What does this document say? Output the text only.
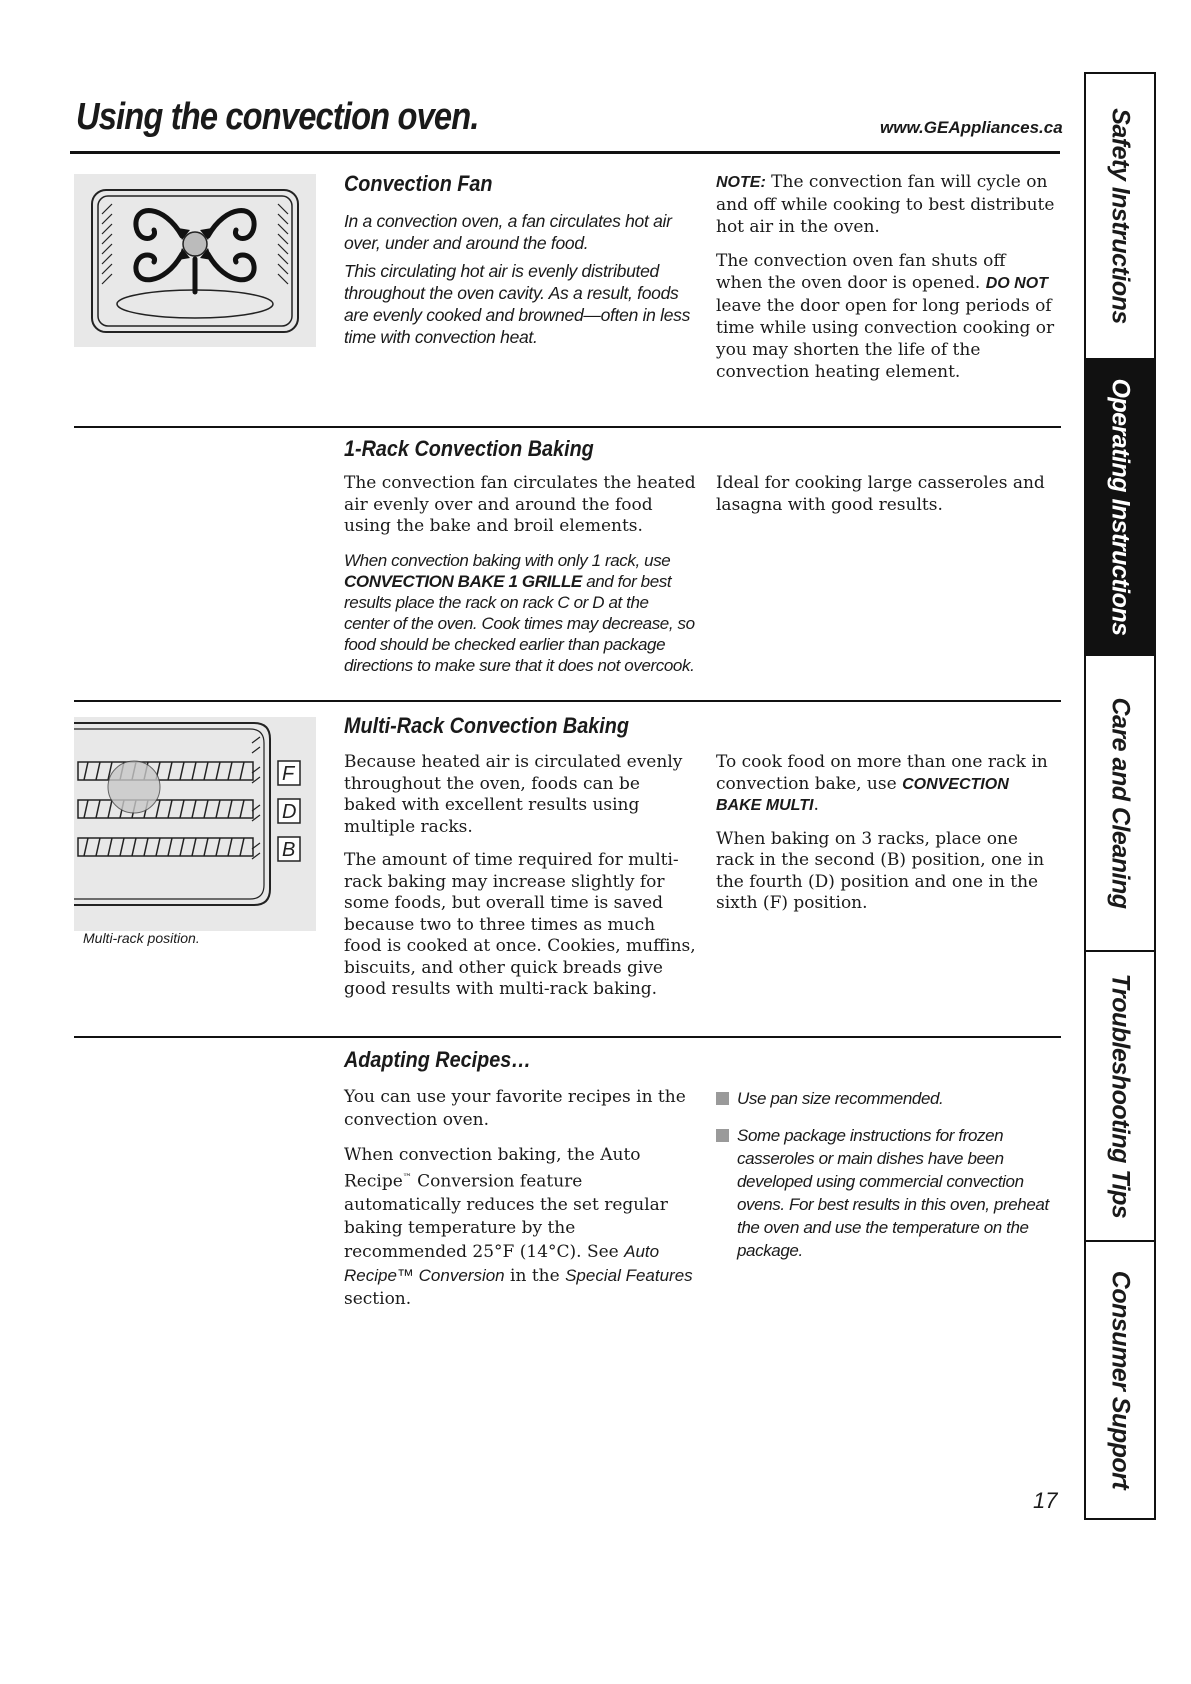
Using the convection oven.	www.GEAppliances.ca
Convection Fan

In a convection oven, a fan circulates hot air over, under and around the food.

This circulating hot air is evenly distributed throughout the oven cavity. As a result, foods are evenly cooked and browned—often in less time with convection heat.

NOTE: The convection fan will cycle on and off while cooking to best distribute hot air in the oven.

The convection oven fan shuts off when the oven door is opened. DO NOT leave the door open for long periods of time while using convection cooking or you may shorten the life of the convection heating element.

1-Rack Convection Baking

The convection fan circulates the heated air evenly over and around the food using the bake and broil elements.

When convection baking with only 1 rack, use CONVECTION BAKE 1 GRILLE and for best results place the rack on rack C or D at the center of the oven. Cook times may decrease, so food should be checked earlier than package directions to make sure that it does not overcook.

Ideal for cooking large casseroles and lasagna with good results.

F
D
B
Multi-rack position.
Multi-Rack Convection Baking

Because heated air is circulated evenly throughout the oven, foods can be baked with excellent results using multiple racks.

The amount of time required for multi-rack baking may increase slightly for some foods, but overall time is saved because two to three times as much food is cooked at once. Cookies, muffins, biscuits, and other quick breads give good results with multi-rack baking.

To cook food on more than one rack in convection bake, use CONVECTION BAKE MULTI.

When baking on 3 racks, place one rack in the second (B) position, one in the fourth (D) position and one in the sixth (F) position.

Adapting Recipes…

You can use your favorite recipes in the convection oven.

When convection baking, the Auto Recipe™ Conversion feature automatically reduces the set regular baking temperature by the recommended 25°F (14°C). See Auto Recipe™ Conversion in the Special Features section.

Use pan size recommended.
Some package instructions for frozen casseroles or main dishes have been developed using commercial convection ovens. For best results in this oven, preheat the oven and use the temperature on the package.
Safety Instructions
Operating Instructions
Care and Cleaning
Troubleshooting Tips
Consumer Support
17
